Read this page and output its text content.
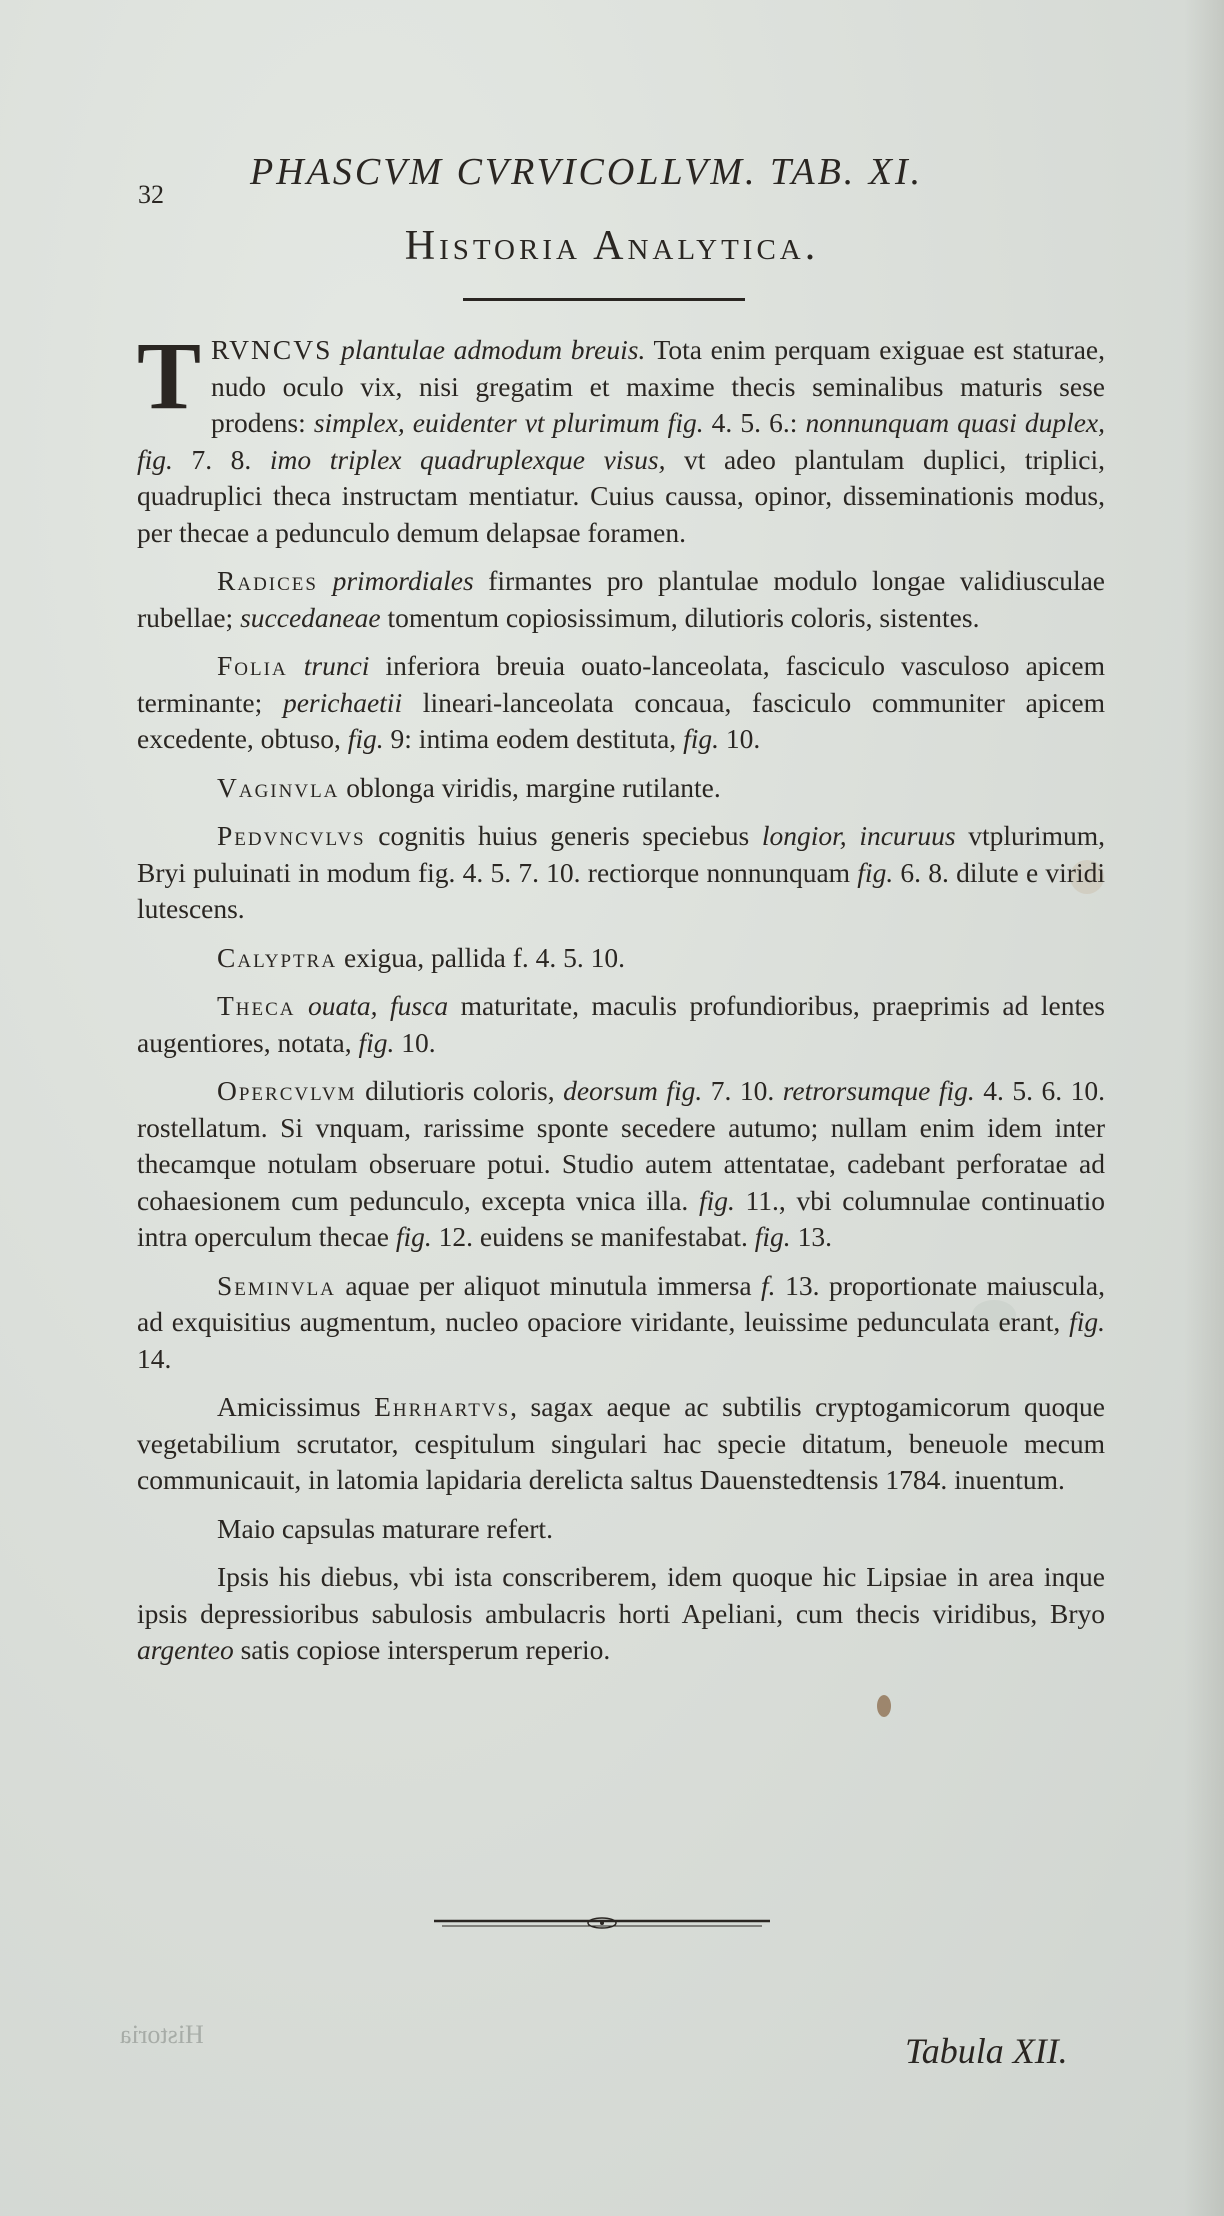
32
PHASCVM CVRVICOLLVM. TAB. XI.
Historia Analytica.

TRVNCVS plantulae admodum breuis. Tota enim perquam exiguae est staturae, nudo oculo vix, nisi gregatim et maxime thecis seminalibus maturis sese prodens: simplex, euidenter vt plurimum fig. 4. 5. 6.: nonnunquam quasi duplex, fig. 7. 8. imo triplex quadruplexque visus, vt adeo plantulam duplici, triplici, quadruplici theca instructam mentiatur. Cuius caussa, opinor, disseminationis modus, per thecae a pedunculo demum delapsae foramen.

Radices primordiales firmantes pro plantulae modulo longae validiusculae rubellae; succedaneae tomentum copiosissimum, dilutioris coloris, sistentes.

Folia trunci inferiora breuia ouato-lanceolata, fasciculo vasculoso apicem terminante; perichaetii lineari-lanceolata concaua, fasciculo communiter apicem excedente, obtuso, fig. 9: intima eodem destituta, fig. 10.

Vaginvla oblonga viridis, margine rutilante.

Pedvncvlvs cognitis huius generis speciebus longior, incuruus vtplurimum, Bryi puluinati in modum fig. 4. 5. 7. 10. rectiorque nonnunquam fig. 6. 8. dilute e viridi lutescens.

Calyptra exigua, pallida f. 4. 5. 10.

Theca ouata, fusca maturitate, maculis profundioribus, praeprimis ad lentes augentiores, notata, fig. 10.

Opercvlvm dilutioris coloris, deorsum fig. 7. 10. retrorsumque fig. 4. 5. 6. 10. rostellatum. Si vnquam, rarissime sponte secedere autumo; nullam enim idem inter thecamque notulam obseruare potui. Studio autem attentatae, cadebant perforatae ad cohaesionem cum pedunculo, excepta vnica illa. fig. 11., vbi columnulae continuatio intra operculum thecae fig. 12. euidens se manifestabat. fig. 13.

Seminvla aquae per aliquot minutula immersa f. 13. proportionate maiuscula, ad exquisitius augmentum, nucleo opaciore viridante, leuissime pedunculata erant, fig. 14.

Amicissimus Ehrhartvs, sagax aeque ac subtilis cryptogamicorum quoque vegetabilium scrutator, cespitulum singulari hac specie ditatum, beneuole mecum communicauit, in latomia lapidaria derelicta saltus Dauenstedtensis 1784. inuentum.

Maio capsulas maturare refert.

Ipsis his diebus, vbi ista conscriberem, idem quoque hic Lipsiae in area inque ipsis depressioribus sabulosis ambulacris horti Apeliani, cum thecis viridibus, Bryo argenteo satis copiose intersperum reperio.

Historia	Tabula XII.
